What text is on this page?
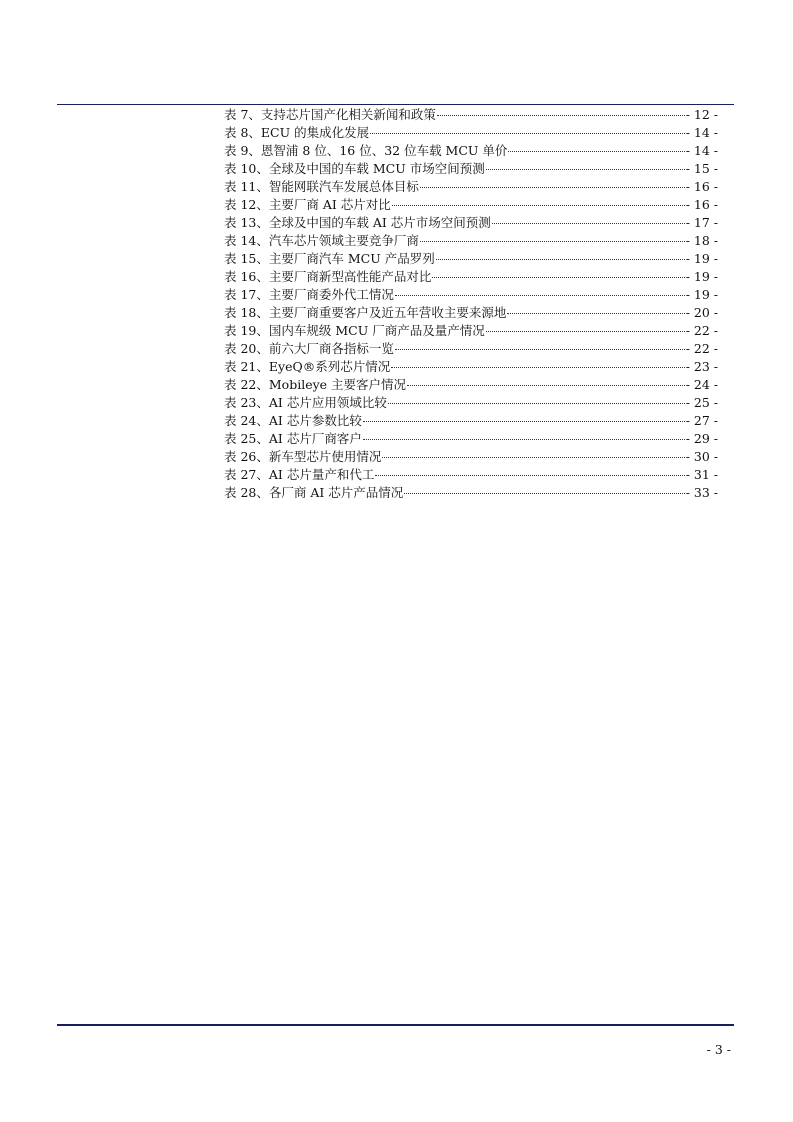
表 7、支持芯片国产化相关新闻和政策	- 12 -
表 8、ECU 的集成化发展	- 14 -
表 9、恩智浦 8 位、16 位、32 位车载 MCU 单价	- 14 -
表 10、全球及中国的车载 MCU 市场空间预测	- 15 -
表 11、智能网联汽车发展总体目标	- 16 -
表 12、主要厂商 AI 芯片对比	- 16 -
表 13、全球及中国的车载 AI 芯片市场空间预测	- 17 -
表 14、汽车芯片领域主要竞争厂商	- 18 -
表 15、主要厂商汽车 MCU 产品罗列	- 19 -
表 16、主要厂商新型高性能产品对比	- 19 -
表 17、主要厂商委外代工情况	- 19 -
表 18、主要厂商重要客户及近五年营收主要来源地	- 20 -
表 19、国内车规级 MCU 厂商产品及量产情况	- 22 -
表 20、前六大厂商各指标一览	- 22 -
表 21、EyeQ®系列芯片情况	- 23 -
表 22、Mobileye 主要客户情况	- 24 -
表 23、AI 芯片应用领域比较	- 25 -
表 24、AI 芯片参数比较	- 27 -
表 25、AI 芯片厂商客户	- 29 -
表 26、新车型芯片使用情况	- 30 -
表 27、AI 芯片量产和代工	- 31 -
表 28、各厂商 AI 芯片产品情况	- 33 -
- 3 -
